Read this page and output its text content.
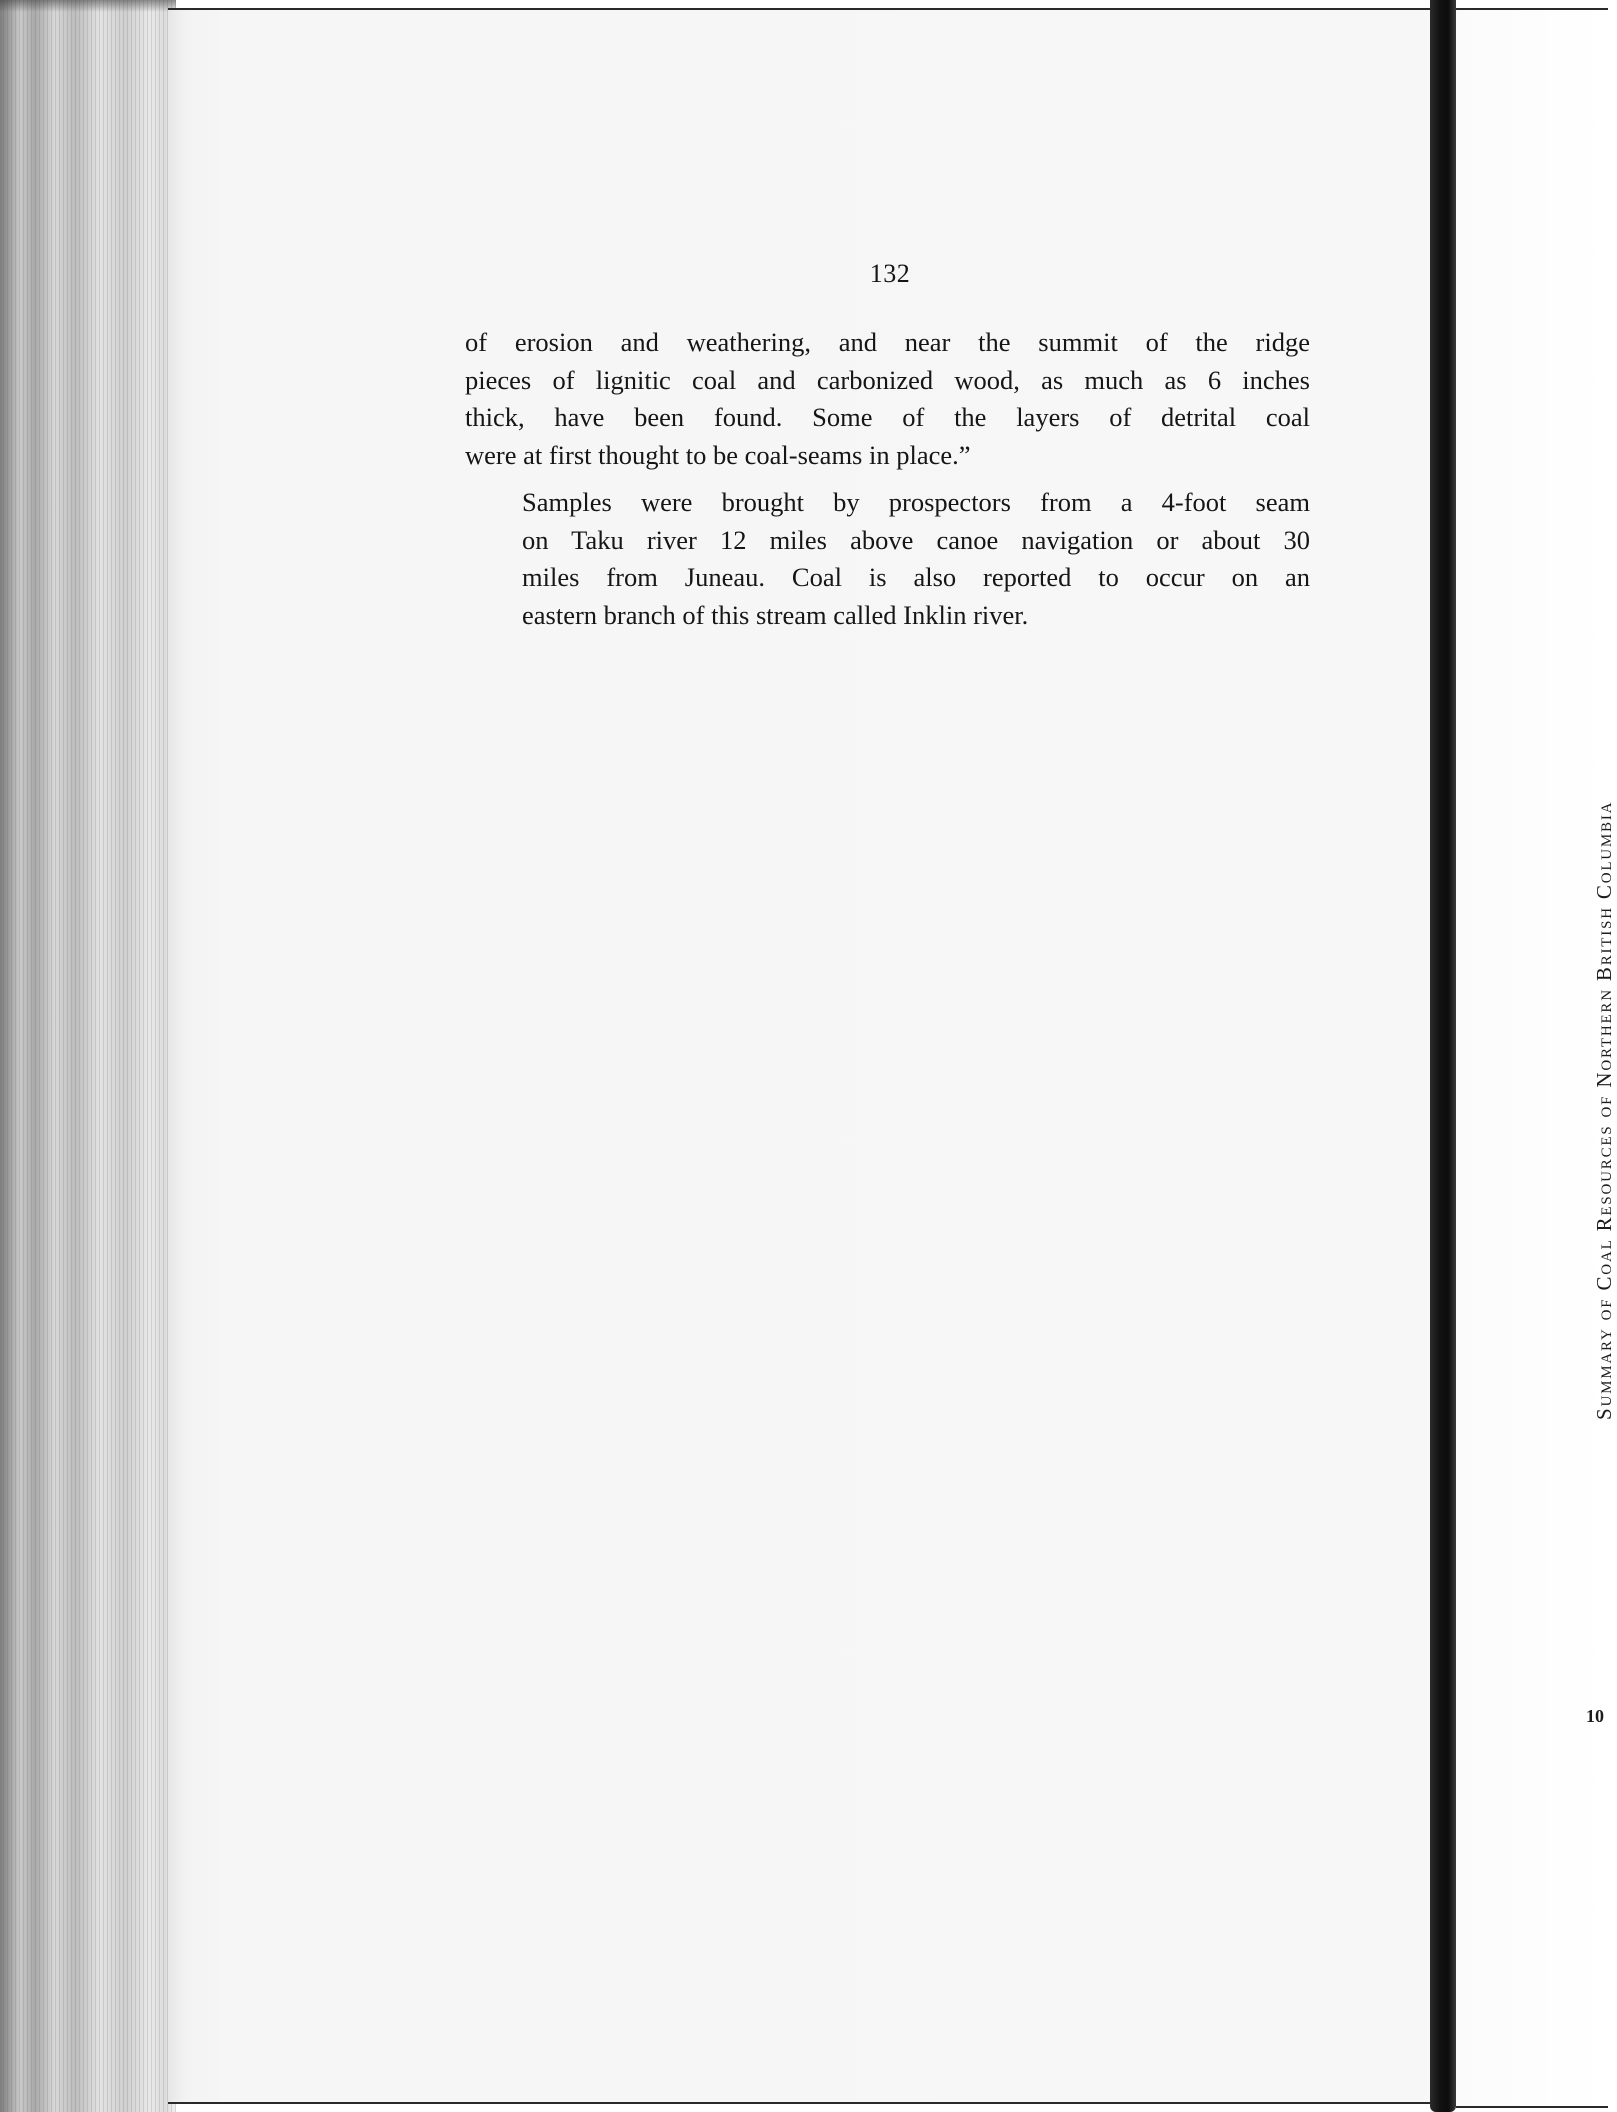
132

of erosion and weathering, and near the summit of the ridge
pieces of lignitic coal and carbonized wood, as much as 6 inches
thick, have been found. Some of the layers of detrital coal
were at first thought to be coal-seams in place.”

Samples were brought by prospectors from a 4-foot seam
on Taku river 12 miles above canoe navigation or about 30
miles from Juneau. Coal is also reported to occur on an
eastern branch of this stream called Inklin river.

Summary of Coal Resources of Northern British Columbia
10
